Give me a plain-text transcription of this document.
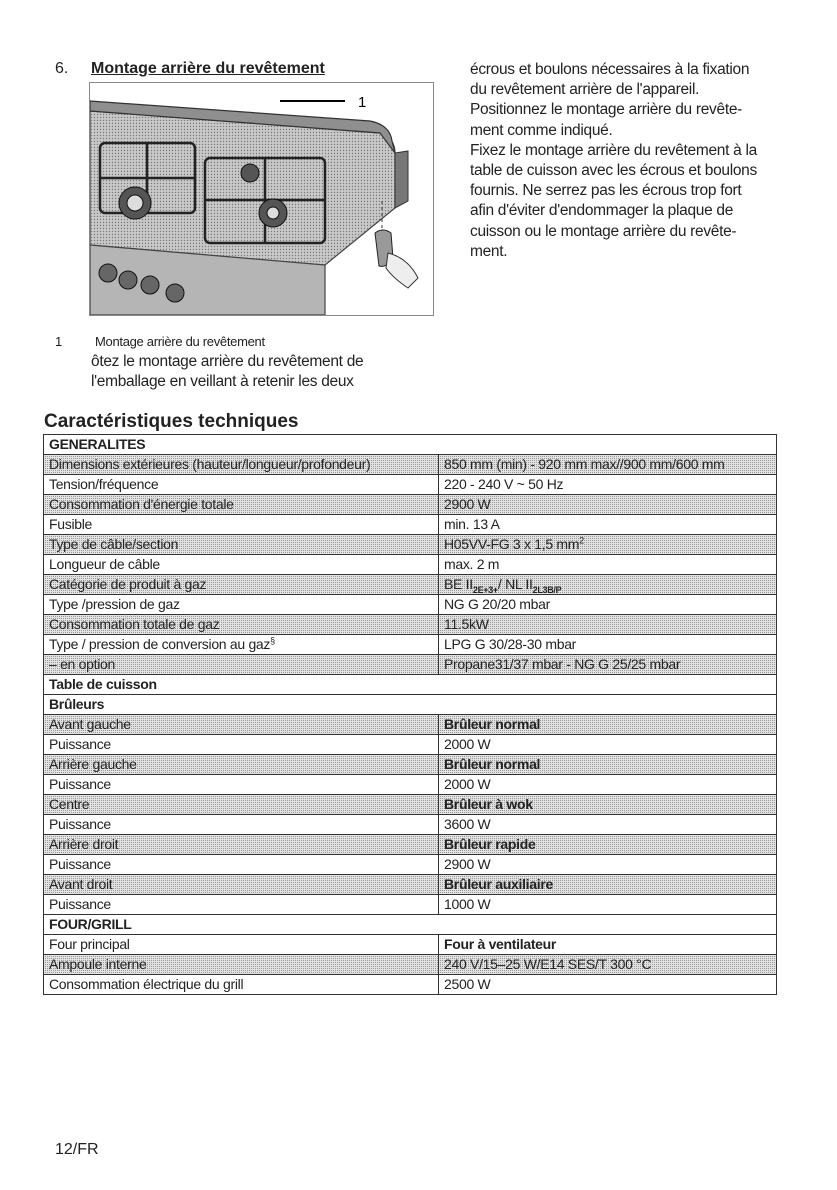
6. Montage arrière du revêtement
1

écrous et boulons nécessaires à la fixation

du revêtement arrière de l'appareil.

Positionnez le montage arrière du revête-

ment comme indiqué.

Fixez le montage arrière du revêtement à la

table de cuisson avec les écrous et boulons

fournis. Ne serrez pas les écrous trop fort

afin d'éviter d'endommager la plaque de

cuisson ou le montage arrière du revête-

ment.

1	Montage arrière du revêtement

ôtez le montage arrière du revêtement de

l'emballage en veillant à retenir les deux

Caractéristiques techniques
GENERALITES	
Dimensions extérieures (hauteur/longueur/profondeur)	850 mm (min) - 920 mm max//900 mm/600 mm
Tension/fréquence	220 - 240 V ~ 50 Hz
Consommation d'énergie totale	2900 W
Fusible	min. 13 A
Type de câble/section	H05VV-FG 3 x 1,5 $mm^2$
Longueur de câble	max. 2 m
Catégorie de produit à gaz	BE $II_{2E+3+}/$ NL $II_{2L3B/P}$
Type /pression de gaz	NG G 20/20 mbar
Consommation totale de gaz	11.5kW
Type / pression de conversion au gaz§	LPG G 30/28-30 mbar
– en option	Propane31/37 mbar - NG G 25/25 mbar
Table de cuisson	
Brûleurs	
Avant gauche	Brûleur normal
Puissance	2000 W
Arrière gauche	Brûleur normal
Puissance	2000 W
Centre	Brûleur à wok
Puissance	3600 W
Arrière droit	Brûleur rapide
Puissance	2900 W
Avant droit	Brûleur auxiliaire
Puissance	1000 W
FOUR/GRILL	
Four principal	Four à ventilateur
Ampoule interne	240 V/15–25 W/E14 SES/T 300 °C
Consommation électrique du grill	2500 W
12/FR
